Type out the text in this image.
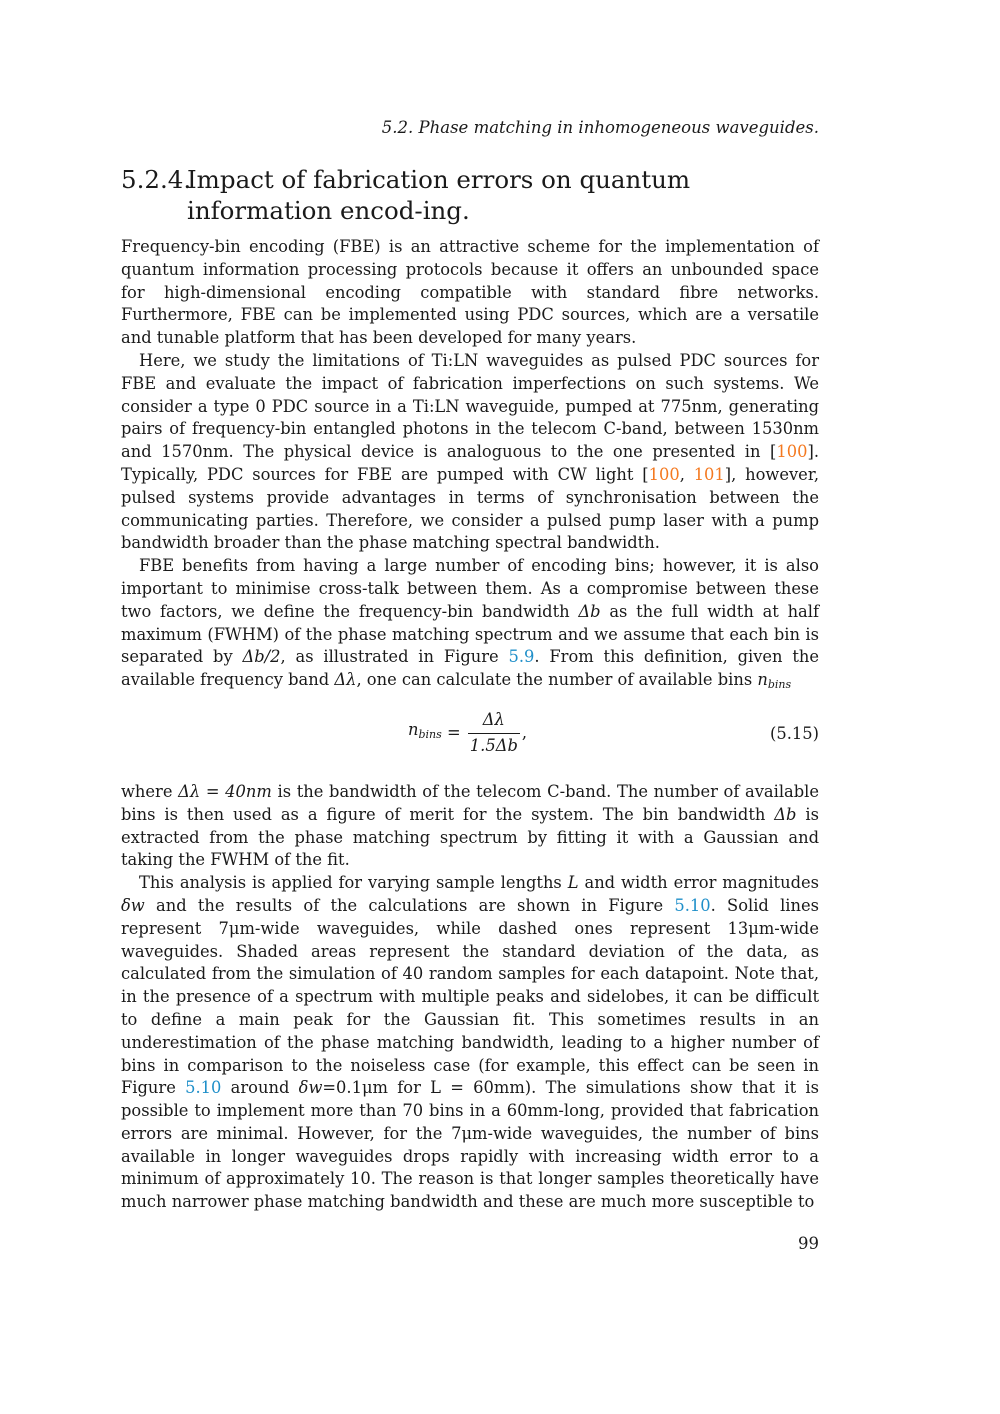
5.2. Phase matching in inhomogeneous waveguides.
5.2.4.
Impact of fabrication errors on quantum information encod-ing.

Frequency-bin encoding (FBE) is an attractive scheme for the implementation of quantum information processing protocols because it offers an unbounded space for high-dimensional encoding compatible with standard fibre networks. Furthermore, FBE can be implemented using PDC sources, which are a versatile and tunable platform that has been developed for many years.

Here, we study the limitations of Ti:LN waveguides as pulsed PDC sources for FBE and evaluate the impact of fabrication imperfections on such systems. We consider a type 0 PDC source in a Ti:LN waveguide, pumped at 775nm, generating pairs of frequency-bin entangled photons in the telecom C-band, between 1530nm and 1570nm. The physical device is analoguous to the one presented in [100]. Typically, PDC sources for FBE are pumped with CW light [100, 101], however, pulsed systems provide advantages in terms of synchronisation between the communicating parties. Therefore, we consider a pulsed pump laser with a pump bandwidth broader than the phase matching spectral bandwidth.

FBE benefits from having a large number of encoding bins; however, it is also important to minimise cross-talk between them. As a compromise between these two factors, we define the frequency-bin bandwidth Δb as the full width at half maximum (FWHM) of the phase matching spectrum and we assume that each bin is separated by Δb/2, as illustrated in Figure 5.9. From this definition, given the available frequency band Δλ, one can calculate the number of available bins $n_{bins}$

$n_{bins} = \frac{\Delta\lambda}{1.5\Delta b}$ ,	(5.15)

where Δλ = 40nm is the bandwidth of the telecom C-band. The number of available bins is then used as a figure of merit for the system. The bin bandwidth Δb is extracted from the phase matching spectrum by fitting it with a Gaussian and taking the FWHM of the fit.

This analysis is applied for varying sample lengths L and width error magnitudes δw and the results of the calculations are shown in Figure 5.10. Solid lines represent 7μm-wide waveguides, while dashed ones represent 13μm-wide waveguides. Shaded areas represent the standard deviation of the data, as calculated from the simulation of 40 random samples for each datapoint. Note that, in the presence of a spectrum with multiple peaks and sidelobes, it can be difficult to define a main peak for the Gaussian fit. This sometimes results in an underestimation of the phase matching bandwidth, leading to a higher number of bins in comparison to the noiseless case (for example, this effect can be seen in Figure 5.10 around δw=0.1μm for L = 60mm). The simulations show that it is possible to implement more than 70 bins in a 60mm-long, provided that fabrication errors are minimal. However, for the 7μm-wide waveguides, the number of bins available in longer waveguides drops rapidly with increasing width error to a minimum of approximately 10. The reason is that longer samples theoretically have much narrower phase matching bandwidth and these are much more susceptible to

99
